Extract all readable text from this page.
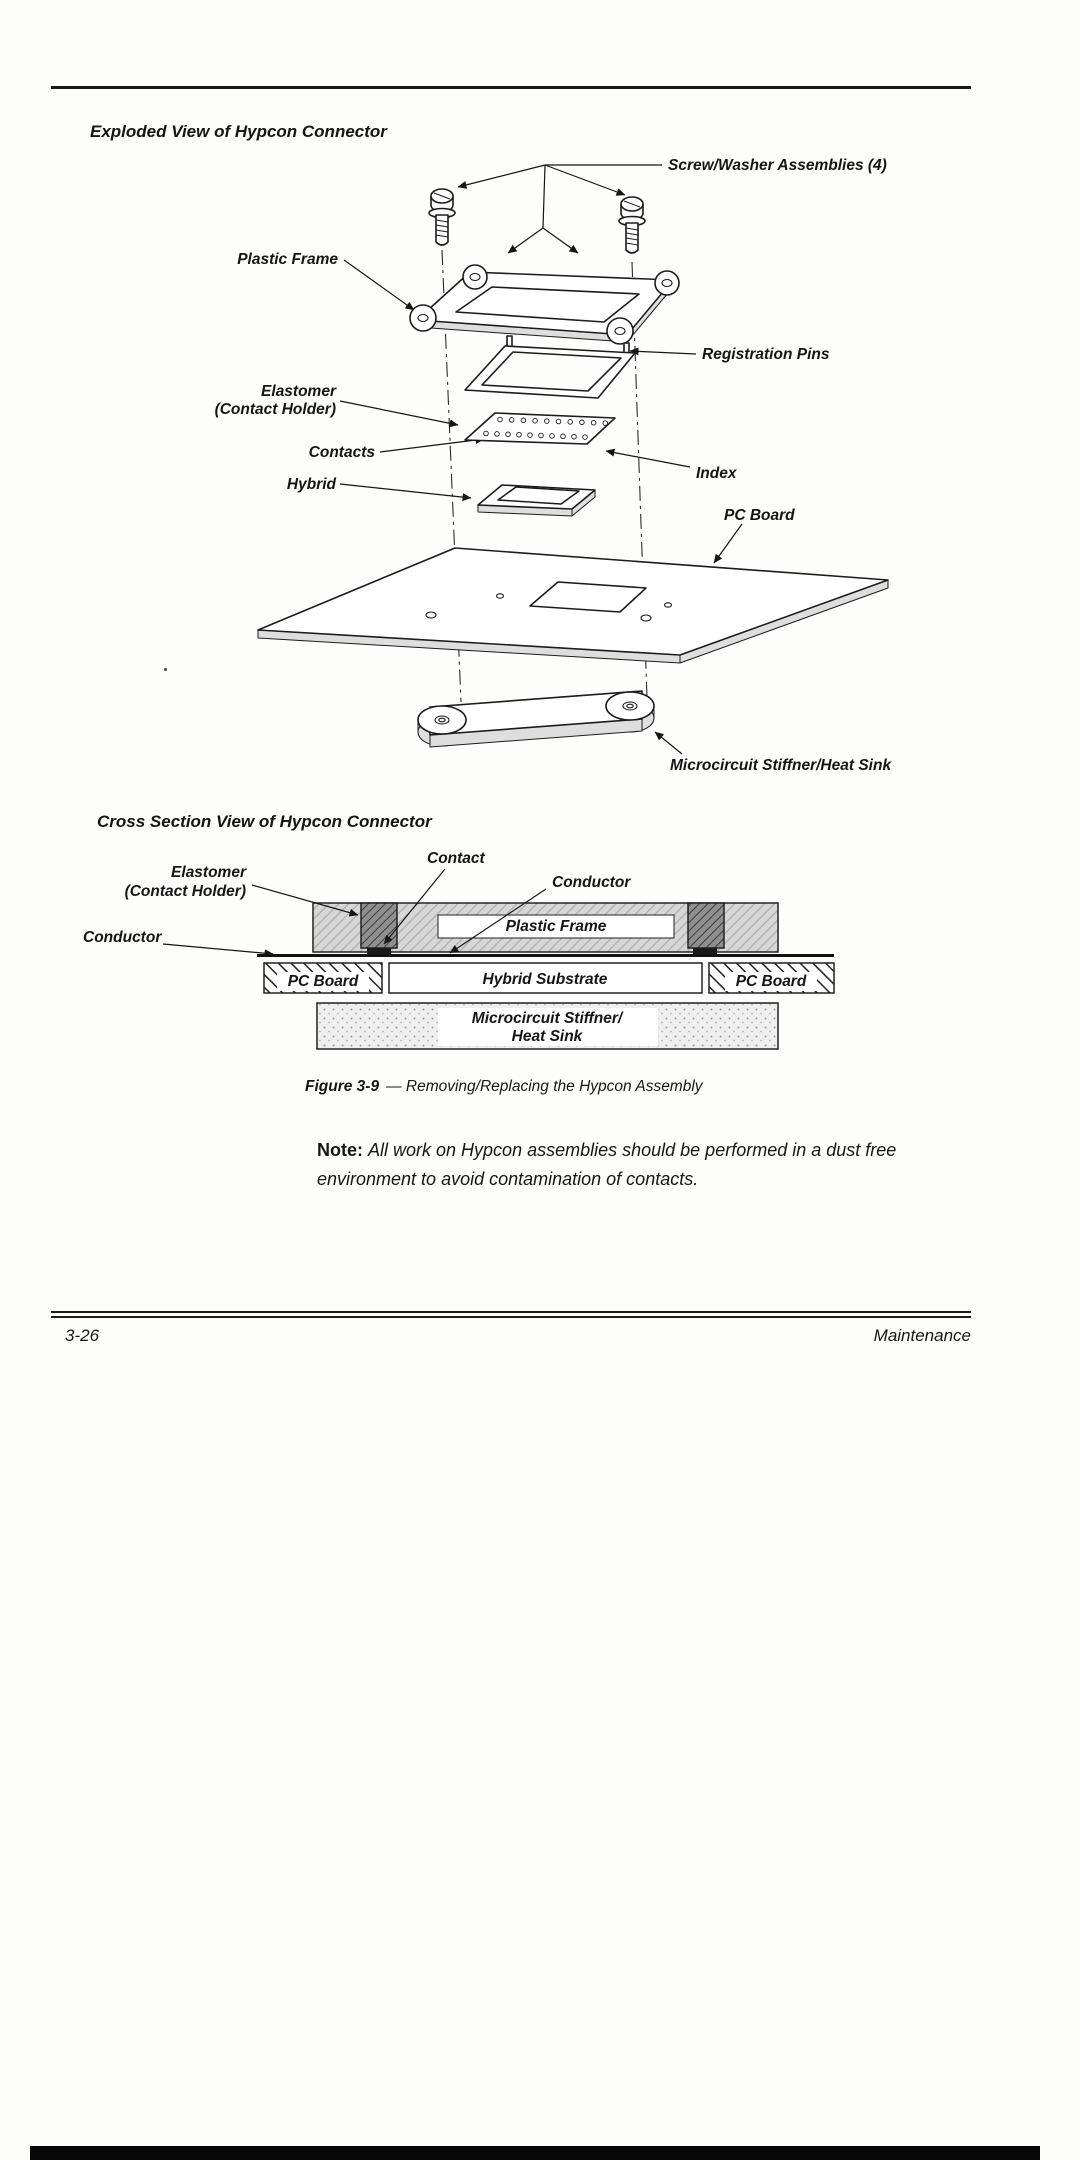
Exploded View of Hypcon Connector
Screw/Washer Assemblies (4)
Plastic Frame
Registration Pins
Elastomer
(Contact Holder)
Contacts
Index
Hybrid
PC Board
Microcircuit Stiffner/Heat Sink
Cross Section View of Hypcon Connector
Contact
Conductor
Elastomer
(Contact Holder)
Conductor
Plastic Frame
PC Board	Hybrid Substrate	PC Board
Microcircuit Stiffner/
Heat Sink
Figure 3-9 — Removing/Replacing the Hypcon Assembly
Note: All work on Hypcon assemblies should be performed in a dust free
environment to avoid contamination of contacts.
3-26	Maintenance
